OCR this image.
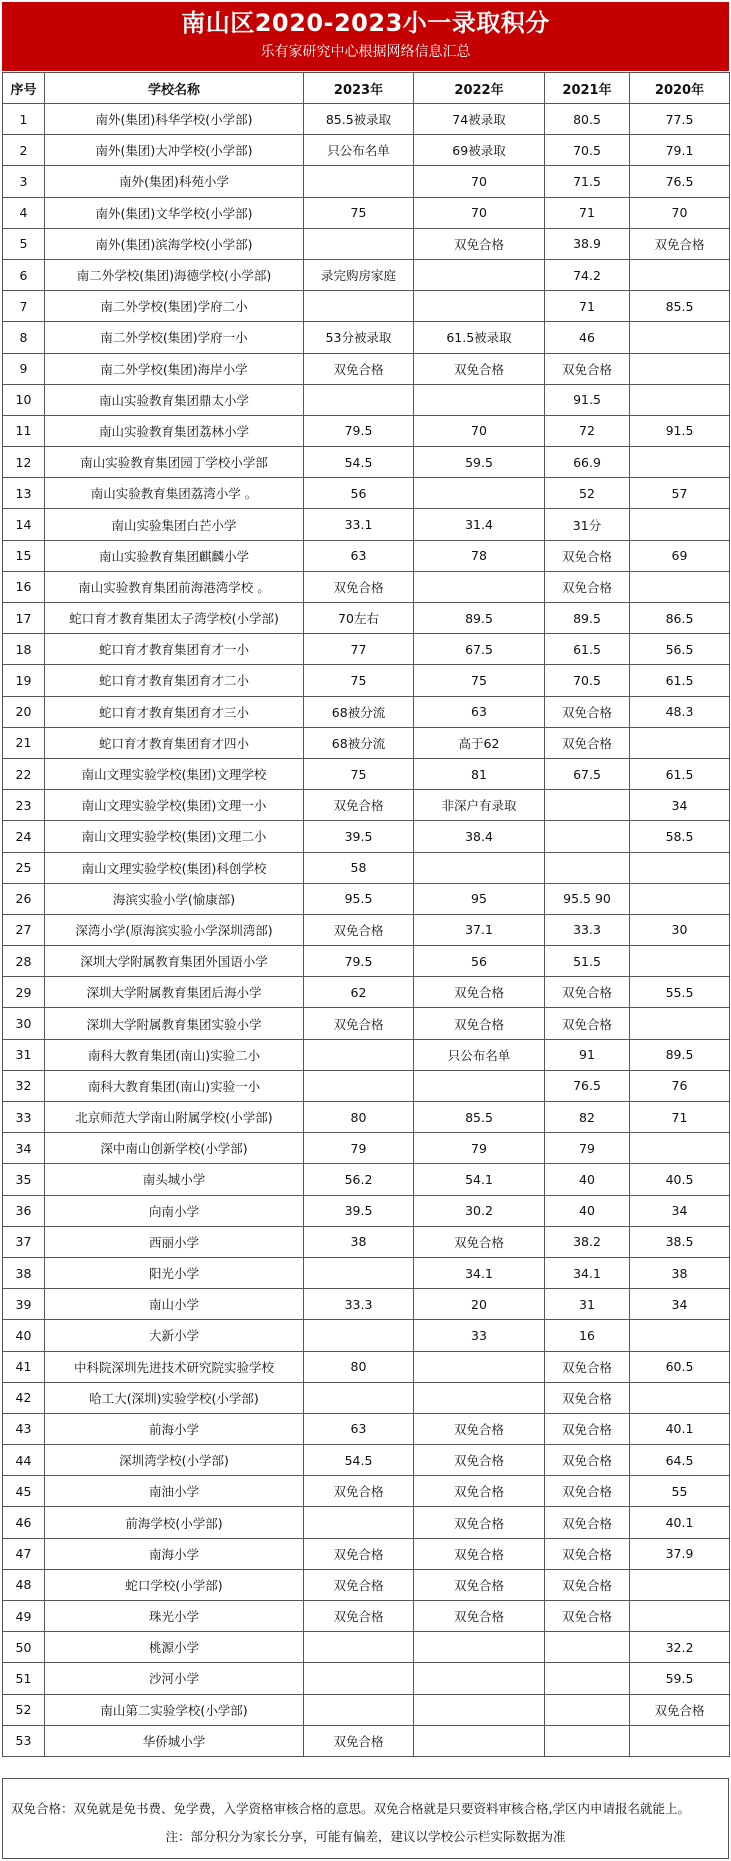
南山区2020-2023小一录取积分
乐有家研究中心根据网络信息汇总
序号	学校名称	2023年	2022年	2021年	2020年
1	南外(集团)科华学校(小学部)	85.5被录取	74被录取	80.5	77.5
2	南外(集团)大冲学校(小学部)	只公布名单	69被录取	70.5	79.1
3	南外(集团)科苑小学		70	71.5	76.5
4	南外(集团)文华学校(小学部)	75	70	71	70
5	南外(集团)滨海学校(小学部)		双免合格	38.9	双免合格
6	南二外学校(集团)海德学校(小学部)	录完购房家庭		74.2	
7	南二外学校(集团)学府二小			71	85.5
8	南二外学校(集团)学府一小	53分被录取	61.5被录取	46	
9	南二外学校(集团)海岸小学	双免合格	双免合格	双免合格	
10	南山实验教育集团鼎太小学			91.5	
11	南山实验教育集团荔林小学	79.5	70	72	91.5
12	南山实验教育集团园丁学校小学部	54.5	59.5	66.9	
13	南山实验教育集团荔湾小学 。	56		52	57
14	南山实验集团白芒小学	33.1	31.4	31分	
15	南山实验教育集团麒麟小学	63	78	双免合格	69
16	南山实验教育集团前海港湾学校 。	双免合格		双免合格	
17	蛇口育才教育集团太子湾学校(小学部)	70左右	89.5	89.5	86.5
18	蛇口育才教育集团育才一小	77	67.5	61.5	56.5
19	蛇口育才教育集团育才二小	75	75	70.5	61.5
20	蛇口育才教育集团育才三小	68被分流	63	双免合格	48.3
21	蛇口育才教育集团育才四小	68被分流	高于62	双免合格	
22	南山文理实验学校(集团)文理学校	75	81	67.5	61.5
23	南山文理实验学校(集团)文理一小	双免合格	非深户有录取		34
24	南山文理实验学校(集团)文理二小	39.5	38.4		58.5
25	南山文理实验学校(集团)科创学校	58			
26	海滨实验小学(愉康部)	95.5	95	95.5 90	
27	深湾小学(原海滨实验小学深圳湾部)	双免合格	37.1	33.3	30
28	深圳大学附属教育集团外国语小学	79.5	56	51.5	
29	深圳大学附属教育集团后海小学	62	双免合格	双免合格	55.5
30	深圳大学附属教育集团实验小学	双免合格	双免合格	双免合格	
31	南科大教育集团(南山)实验二小		只公布名单	91	89.5
32	南科大教育集团(南山)实验一小			76.5	76
33	北京师范大学南山附属学校(小学部)	80	85.5	82	71
34	深中南山创新学校(小学部)	79	79	79	
35	南头城小学	56.2	54.1	40	40.5
36	向南小学	39.5	30.2	40	34
37	西丽小学	38	双免合格	38.2	38.5
38	阳光小学		34.1	34.1	38
39	南山小学	33.3	20	31	34
40	大新小学		33	16	
41	中科院深圳先进技术研究院实验学校	80		双免合格	60.5
42	哈工大(深圳)实验学校(小学部)			双免合格	
43	前海小学	63	双免合格	双免合格	40.1
44	深圳湾学校(小学部)	54.5	双免合格	双免合格	64.5
45	南油小学	双免合格	双免合格	双免合格	55
46	前海学校(小学部)		双免合格	双免合格	40.1
47	南海小学	双免合格	双免合格	双免合格	37.9
48	蛇口学校(小学部)	双免合格	双免合格	双免合格	
49	珠光小学	双免合格	双免合格	双免合格	
50	桃源小学				32.2
51	沙河小学				59.5
52	南山第二实验学校(小学部)				双免合格
53	华侨城小学	双免合格			
双免合格：双免就是免书费、免学费，入学资格审核合格的意思。双免合格就是只要资料审核合格,学区内申请报名就能上。
注：部分积分为家长分享，可能有偏差，建议以学校公示栏实际数据为准
